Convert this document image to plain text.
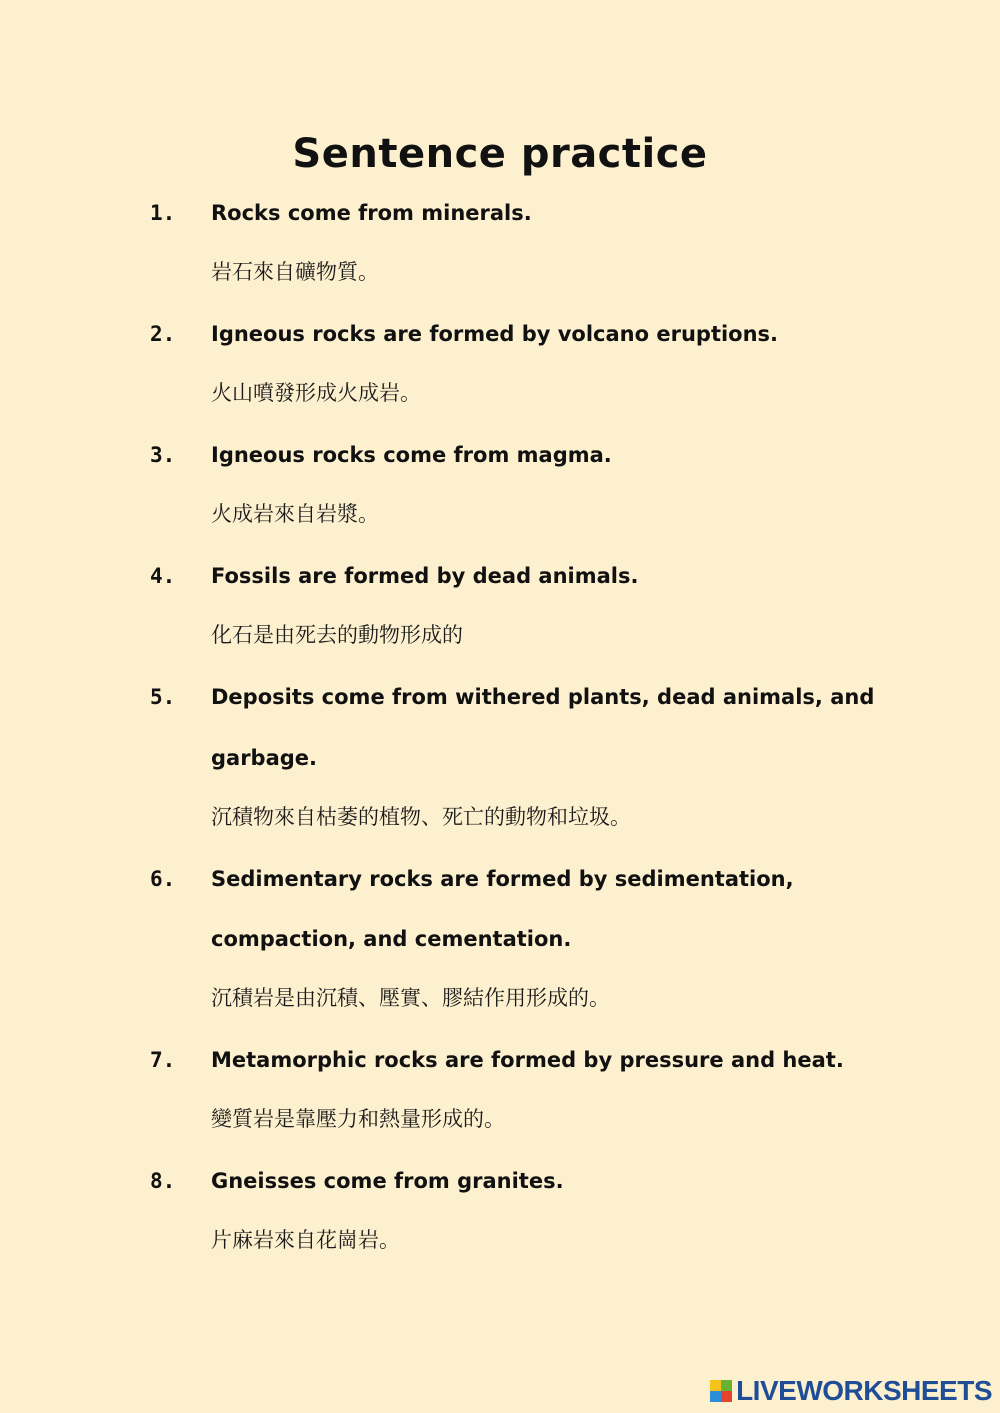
Sentence practice
1. Rocks come from minerals.
岩石來自礦物質。
2. Igneous rocks are formed by volcano eruptions.
火山噴發形成火成岩。
3. Igneous rocks come from magma.
火成岩來自岩漿。
4. Fossils are formed by dead animals.
化石是由死去的動物形成的
5. Deposits come from withered plants, dead animals, and
garbage.
沉積物來自枯萎的植物、死亡的動物和垃圾。
6. Sedimentary rocks are formed by sedimentation,
compaction, and cementation.
沉積岩是由沉積、壓實、膠結作用形成的。
7. Metamorphic rocks are formed by pressure and heat.
變質岩是靠壓力和熱量形成的。
8. Gneisses come from granites.
片麻岩來自花崗岩。
LIVEWORKSHEETS
